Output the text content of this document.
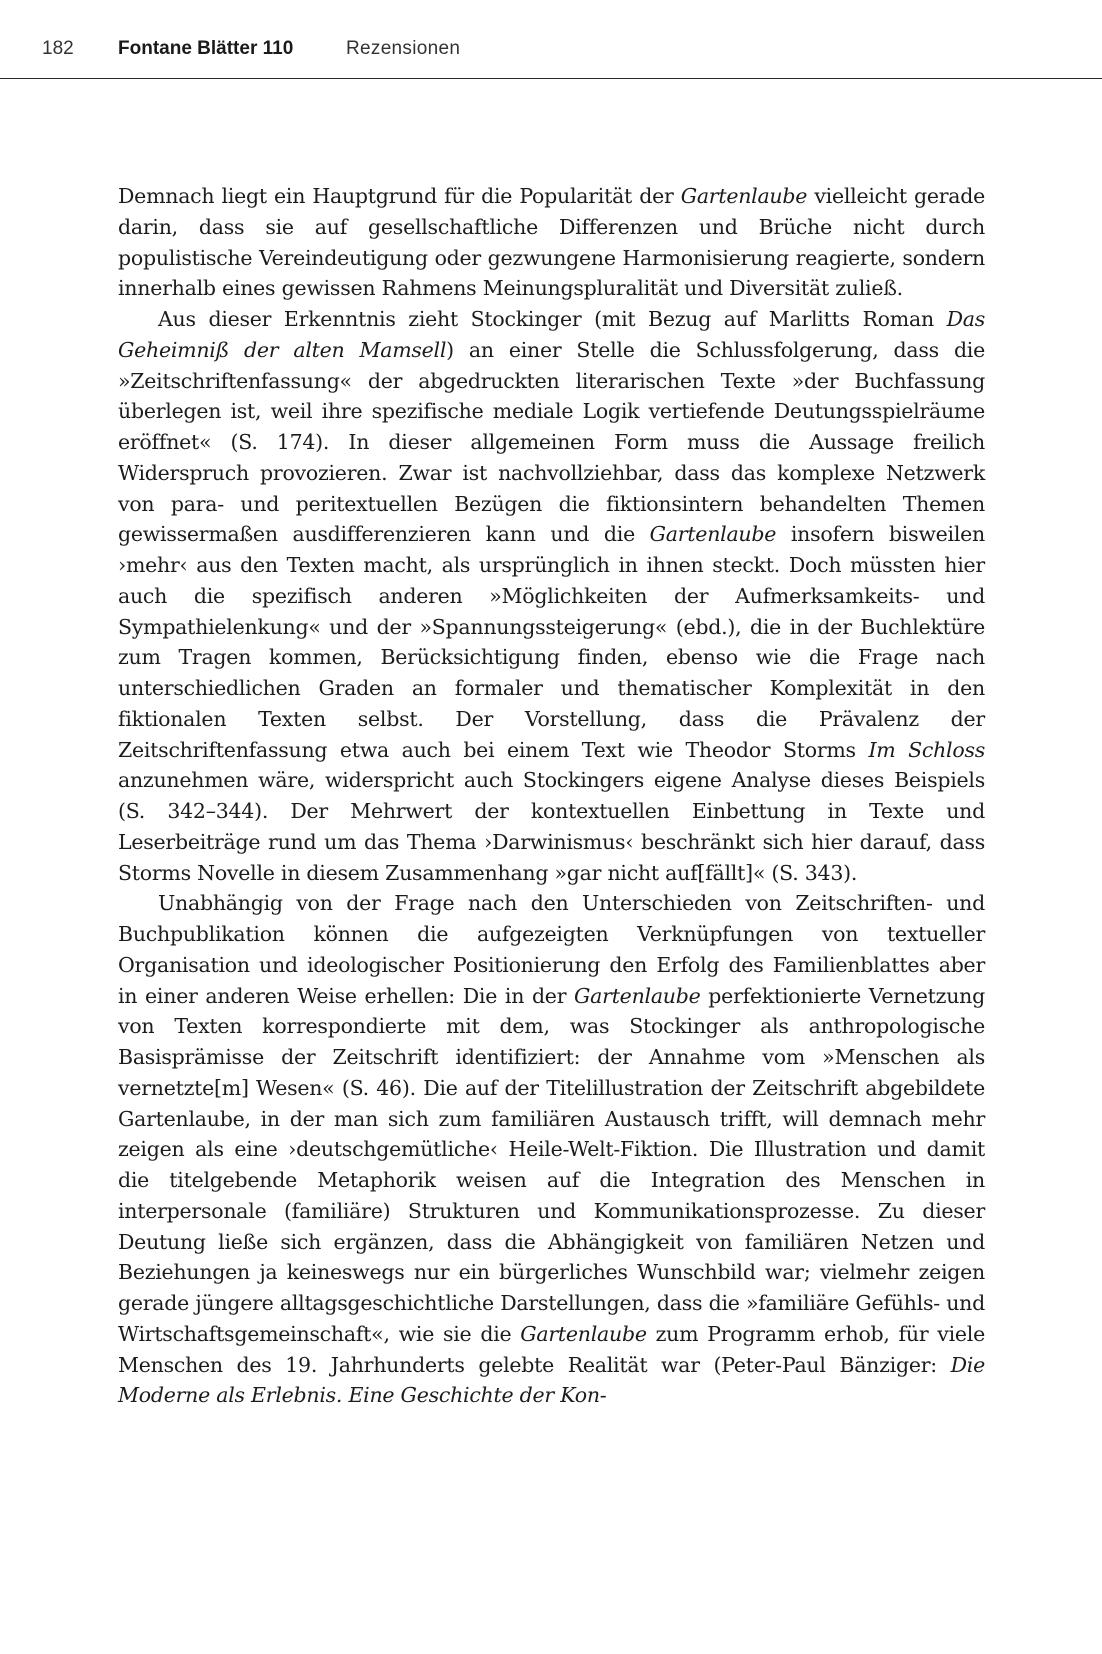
182 Fontane Blätter 110	Rezensionen

Demnach liegt ein Hauptgrund für die Popularität der Gartenlaube vielleicht gerade darin, dass sie auf gesellschaftliche Differenzen und Brüche nicht durch populistische Vereindeutigung oder gezwungene Harmonisierung reagierte, sondern innerhalb eines gewissen Rahmens Meinungspluralität und Diversität zuließ.

Aus dieser Erkenntnis zieht Stockinger (mit Bezug auf Marlitts Roman Das Geheimniß der alten Mamsell) an einer Stelle die Schlussfolgerung, dass die »Zeitschriftenfassung« der abgedruckten literarischen Texte »der Buchfassung überlegen ist, weil ihre spezifische mediale Logik vertiefende Deutungsspielräume eröffnet« (S. 174). In dieser allgemeinen Form muss die Aussage freilich Widerspruch provozieren. Zwar ist nachvollziehbar, dass das komplexe Netzwerk von para- und peritextuellen Bezügen die fiktionsintern behandelten Themen gewissermaßen ausdifferenzieren kann und die Gartenlaube insofern bisweilen ›mehr‹ aus den Texten macht, als ursprünglich in ihnen steckt. Doch müssten hier auch die spezifisch anderen »Möglichkeiten der Aufmerksamkeits- und Sympathielenkung« und der »Spannungssteigerung« (ebd.), die in der Buchlektüre zum Tragen kommen, Berücksichtigung finden, ebenso wie die Frage nach unterschiedlichen Graden an formaler und thematischer Komplexität in den fiktionalen Texten selbst. Der Vorstellung, dass die Prävalenz der Zeitschriftenfassung etwa auch bei einem Text wie Theodor Storms Im Schloss anzunehmen wäre, widerspricht auch Stockingers eigene Analyse dieses Beispiels (S. 342–344). Der Mehrwert der kontextuellen Einbettung in Texte und Leserbeiträge rund um das Thema ›Darwinismus‹ beschränkt sich hier darauf, dass Storms Novelle in diesem Zusammenhang »gar nicht auf[fällt]« (S. 343).

Unabhängig von der Frage nach den Unterschieden von Zeitschriften- und Buchpublikation können die aufgezeigten Verknüpfungen von textueller Organisation und ideologischer Positionierung den Erfolg des Familienblattes aber in einer anderen Weise erhellen: Die in der Gartenlaube perfektionierte Vernetzung von Texten korrespondierte mit dem, was Stockinger als anthropologische Basisprämisse der Zeitschrift identifiziert: der Annahme vom »Menschen als vernetzte[m] Wesen« (S. 46). Die auf der Titelillustration der Zeitschrift abgebildete Gartenlaube, in der man sich zum familiären Austausch trifft, will demnach mehr zeigen als eine ›deutschgemütliche‹ Heile-Welt-Fiktion. Die Illustration und damit die titelgebende Metaphorik weisen auf die Integration des Menschen in interpersonale (familiäre) Strukturen und Kommunikationsprozesse. Zu dieser Deutung ließe sich ergänzen, dass die Abhängigkeit von familiären Netzen und Beziehungen ja keineswegs nur ein bürgerliches Wunschbild war; vielmehr zeigen gerade jüngere alltagsgeschichtliche Darstellungen, dass die »familiäre Gefühls- und Wirtschaftsgemeinschaft«, wie sie die Gartenlaube zum Programm erhob, für viele Menschen des 19. Jahrhunderts gelebte Realität war (Peter-Paul Bänziger: Die Moderne als Erlebnis. Eine Geschichte der Kon-
